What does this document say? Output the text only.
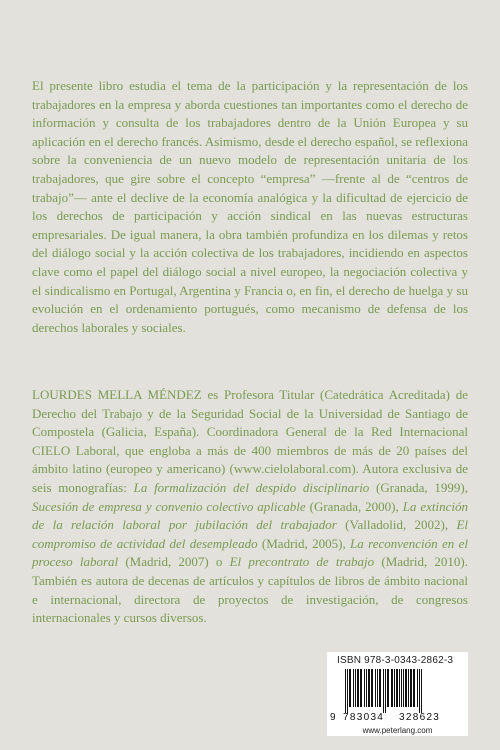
El presente libro estudia el tema de la participación y la representación de los trabajadores en la empresa y aborda cuestiones tan importantes como el derecho de información y consulta de los trabajadores dentro de la Unión Europea y su aplicación en el derecho francés. Asimismo, desde el derecho español, se reflexiona sobre la conveniencia de un nuevo modelo de representación unitaria de los trabajadores, que gire sobre el concepto “empresa” —frente al de “centros de trabajo”— ante el declive de la economía analógica y la dificultad de ejercicio de los derechos de participación y acción sindical en las nuevas estructuras empresariales. De igual manera, la obra también profundiza en los dilemas y retos del diálogo social y la acción colectiva de los trabajadores, incidiendo en aspectos clave como el papel del diálogo social a nivel europeo, la negociación colectiva y el sindicalismo en Portugal, Argentina y Francia o, en fin, el derecho de huelga y su evolución en el ordenamiento portugués, como mecanismo de defensa de los derechos laborales y sociales.

LOURDES MELLA MÉNDEZ es Profesora Titular (Catedrática Acreditada) de Derecho del Trabajo y de la Seguridad Social de la Universidad de Santiago de Compostela (Galicia, España). Coordinadora General de la Red Internacional CIELO Laboral, que engloba a más de 400 miembros de más de 20 países del ámbito latino (europeo y americano) (www.cielolaboral.com). Autora exclusiva de seis monografías: La formalización del despido disciplinario (Granada, 1999), Sucesión de empresa y convenio colectivo aplicable (Granada, 2000), La extinción de la relación laboral por jubilación del trabajador (Valladolid, 2002), El compromiso de actividad del desempleado (Madrid, 2005), La reconvención en el proceso laboral (Madrid, 2007) o El precontrato de trabajo (Madrid, 2010). También es autora de decenas de artículos y capítulos de libros de ámbito nacional e internacional, directora de proyectos de investigación, de congresos internacionales y cursos diversos.

ISBN 978-3-0343-2862-3
9 783034 328623
www.peterlang.com
